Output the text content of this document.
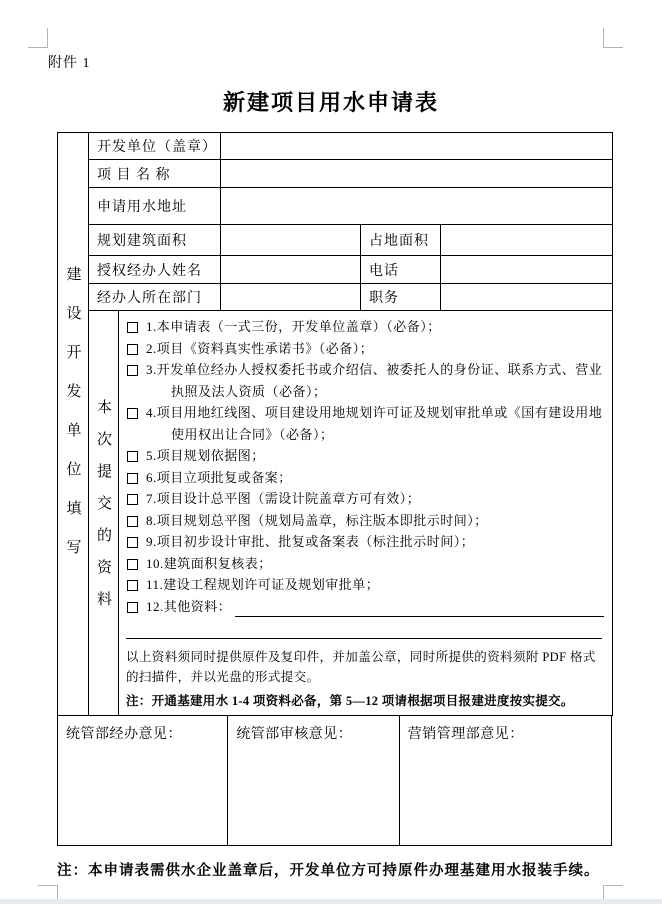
附件 1
新建项目用水申请表
建设开发单位填写	开发单位（盖章）				
	项 目 名 称				
	申请用水地址				
	规划建筑面积			占地面积	
	授权经办人姓名			电话	
	经办人所在部门			职务	
本次提交的资料	
1.本申请表（一式三份，开发单位盖章）（必备）；
2.项目《资料真实性承诺书》（必备）；
3.开发单位经办人授权委托书或介绍信、被委托人的身份证、联系方式、营业执照及法人资质（必备）；
4.项目用地红线图、项目建设用地规划许可证及规划审批单或《国有建设用地使用权出让合同》（必备）；
5.项目规划依据图；
6.项目立项批复或备案；
7.项目设计总平图（需设计院盖章方可有效）；
8.项目规划总平图（规划局盖章，标注版本即批示时间）；
9.项目初步设计审批、批复或备案表（标注批示时间）；
10.建筑面积复核表；
11.建设工程规划许可证及规划审批单；
12.其他资料：
以上资料须同时提供原件及复印件，并加盖公章，同时所提供的资料须附 PDF 格式的扫描件，并以光盘的形式提交。
注：开通基建用水 1-4 项资料必备，第 5—12 项请根据项目报建进度按实提交。
统管部经办意见：	统管部审核意见：	营销管理部意见：
注：本申请表需供水企业盖章后，开发单位方可持原件办理基建用水报装手续。
